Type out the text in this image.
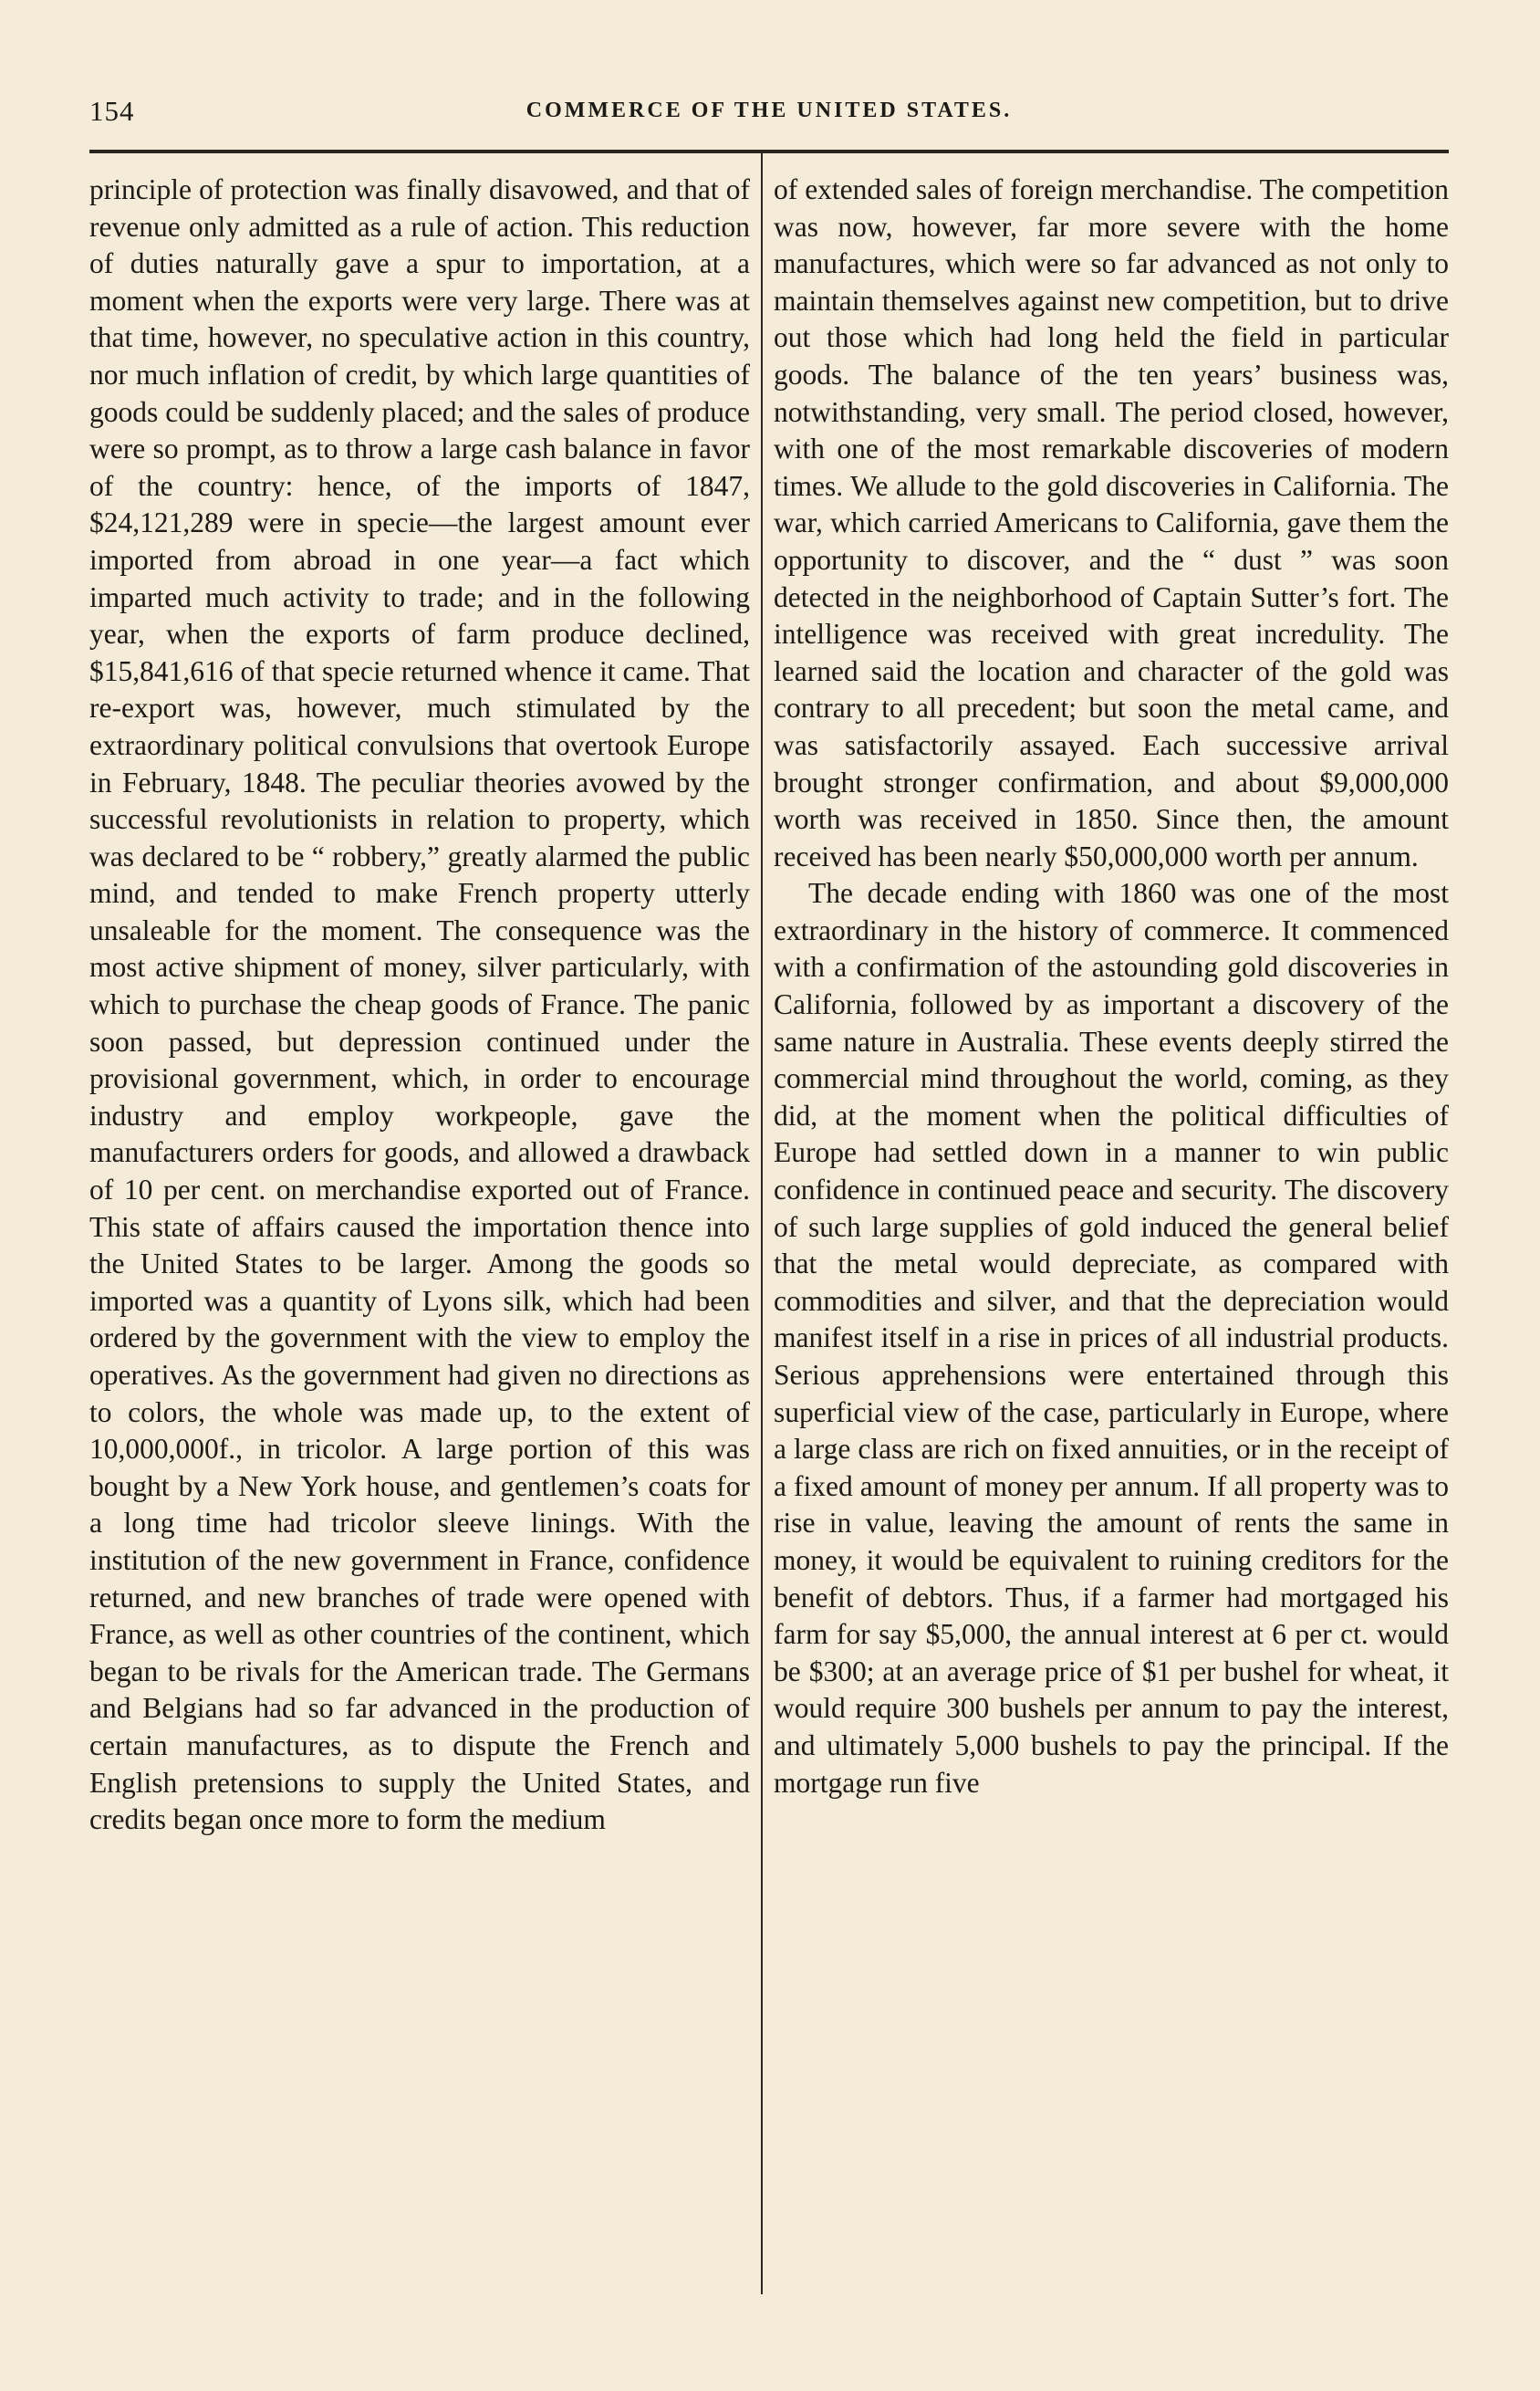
154	COMMERCE OF THE UNITED STATES.

principle of protection was finally disavowed, and that of revenue only admitted as a rule of action. This reduction of duties naturally gave a spur to importation, at a moment when the exports were very large. There was at that time, however, no speculative action in this country, nor much inflation of credit, by which large quantities of goods could be suddenly placed; and the sales of produce were so prompt, as to throw a large cash balance in favor of the country: hence, of the imports of 1847, $24,121,289 were in specie—the largest amount ever imported from abroad in one year—a fact which imparted much activity to trade; and in the following year, when the exports of farm produce declined, $15,841,616 of that specie returned whence it came. That re-export was, however, much stimulated by the extraordinary political convulsions that overtook Europe in February, 1848. The peculiar theories avowed by the successful revolutionists in relation to property, which was declared to be “ robbery,” greatly alarmed the public mind, and tended to make French property utterly unsaleable for the moment. The consequence was the most active shipment of money, silver particularly, with which to purchase the cheap goods of France. The panic soon passed, but depression continued under the provisional government, which, in order to encourage industry and employ workpeople, gave the manufacturers orders for goods, and allowed a drawback of 10 per cent. on merchandise exported out of France. This state of affairs caused the importation thence into the United States to be larger. Among the goods so imported was a quantity of Lyons silk, which had been ordered by the government with the view to employ the operatives. As the government had given no directions as to colors, the whole was made up, to the extent of 10,000,000f., in tricolor. A large portion of this was bought by a New York house, and gentlemen’s coats for a long time had tricolor sleeve linings. With the institution of the new government in France, confidence returned, and new branches of trade were opened with France, as well as other countries of the continent, which began to be rivals for the American trade. The Germans and Belgians had so far advanced in the production of certain manufactures, as to dispute the French and English pretensions to supply the United States, and credits began once more to form the medium

of extended sales of foreign merchandise. The competition was now, however, far more severe with the home manufactures, which were so far advanced as not only to maintain themselves against new competition, but to drive out those which had long held the field in particular goods. The balance of the ten years’ business was, notwithstanding, very small. The period closed, however, with one of the most remarkable discoveries of modern times. We allude to the gold discoveries in California. The war, which carried Americans to California, gave them the opportunity to discover, and the “ dust ” was soon detected in the neighborhood of Captain Sutter’s fort. The intelligence was received with great incredulity. The learned said the location and character of the gold was contrary to all precedent; but soon the metal came, and was satisfactorily assayed. Each successive arrival brought stronger confirmation, and about $9,000,000 worth was received in 1850. Since then, the amount received has been nearly $50,000,000 worth per annum.

The decade ending with 1860 was one of the most extraordinary in the history of commerce. It commenced with a confirmation of the astounding gold discoveries in California, followed by as important a discovery of the same nature in Australia. These events deeply stirred the commercial mind throughout the world, coming, as they did, at the moment when the political difficulties of Europe had settled down in a manner to win public confidence in continued peace and security. The discovery of such large supplies of gold induced the general belief that the metal would depreciate, as compared with commodities and silver, and that the depreciation would manifest itself in a rise in prices of all industrial products. Serious apprehensions were entertained through this superficial view of the case, particularly in Europe, where a large class are rich on fixed annuities, or in the receipt of a fixed amount of money per annum. If all property was to rise in value, leaving the amount of rents the same in money, it would be equivalent to ruining creditors for the benefit of debtors. Thus, if a farmer had mortgaged his farm for say $5,000, the annual interest at 6 per ct. would be $300; at an average price of $1 per bushel for wheat, it would require 300 bushels per annum to pay the interest, and ultimately 5,000 bushels to pay the principal. If the mortgage run five
